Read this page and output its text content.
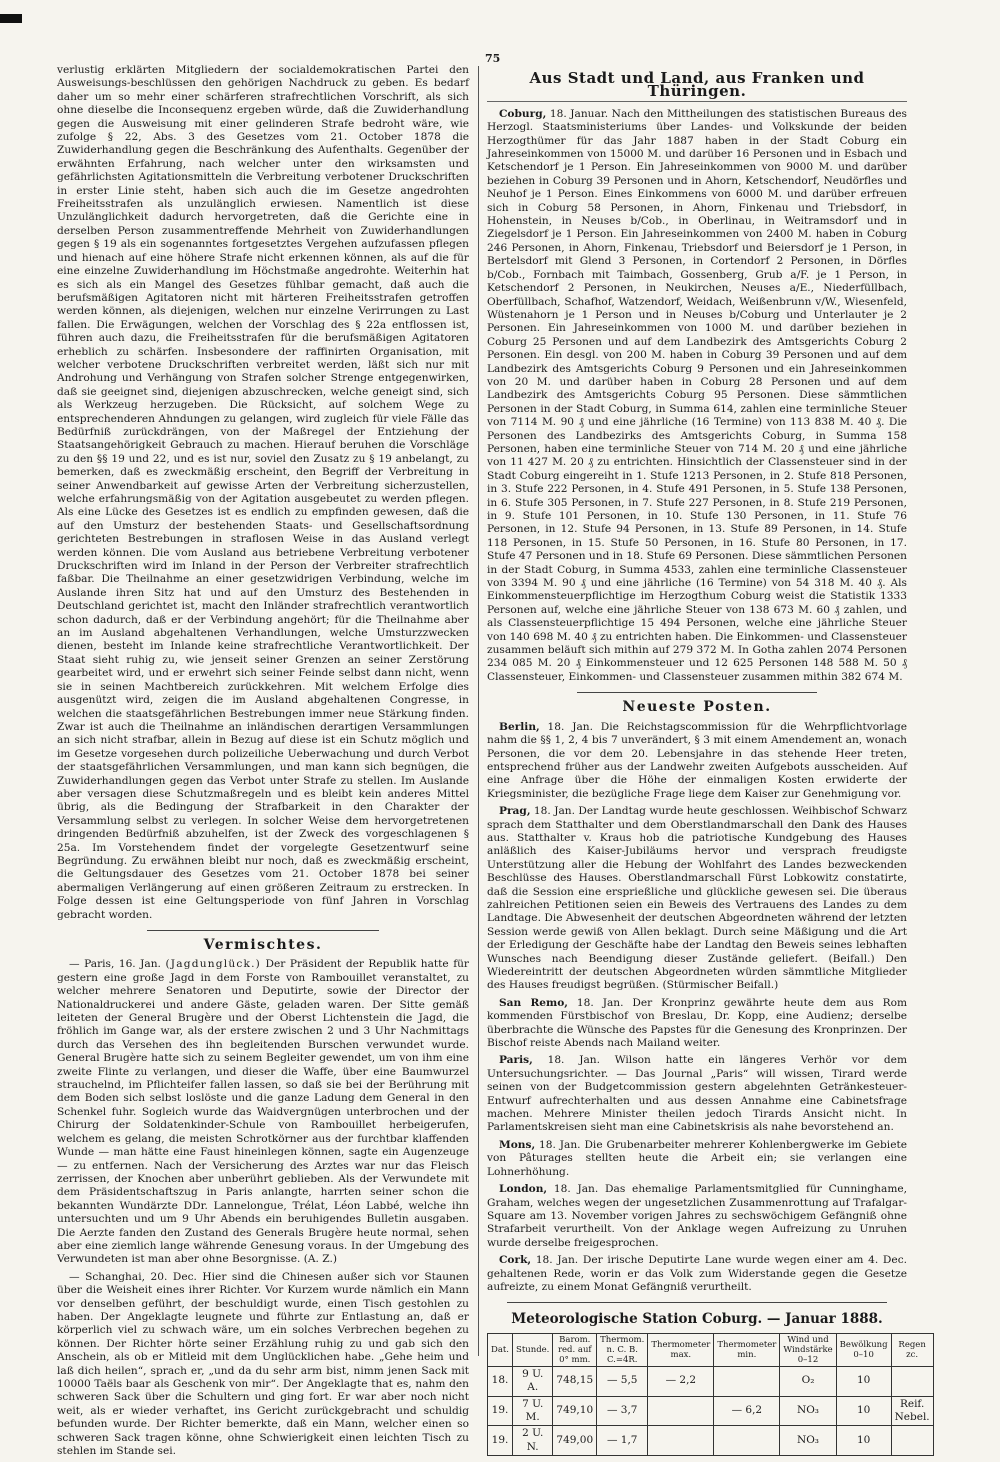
75

verlustig erklärten Mitgliedern der socialdemokratischen Partei den Ausweisungs-beschlüssen den gehörigen Nachdruck zu geben. Es bedarf daher um so mehr einer schärferen strafrechtlichen Vorschrift, als sich ohne dieselbe die Inconsequenz ergeben würde, daß die Zuwiderhandlung gegen die Ausweisung mit einer gelinderen Strafe bedroht wäre, wie zufolge § 22, Abs. 3 des Gesetzes vom 21. October 1878 die Zuwiderhandlung gegen die Beschränkung des Aufenthalts. Gegenüber der erwähnten Erfahrung, nach welcher unter den wirksamsten und gefährlichsten Agitationsmitteln die Verbreitung verbotener Druckschriften in erster Linie steht, haben sich auch die im Gesetze angedrohten Freiheitsstrafen als unzulänglich erwiesen. Namentlich ist diese Unzulänglichkeit dadurch hervorgetreten, daß die Gerichte eine in derselben Person zusammentreffende Mehrheit von Zuwiderhandlungen gegen § 19 als ein sogenanntes fortgesetztes Vergehen aufzufassen pflegen und hienach auf eine höhere Strafe nicht erkennen können, als auf die für eine einzelne Zuwiderhandlung im Höchstmaße angedrohte. Weiterhin hat es sich als ein Mangel des Gesetzes fühlbar gemacht, daß auch die berufsmäßigen Agitatoren nicht mit härteren Freiheitsstrafen getroffen werden können, als diejenigen, welchen nur einzelne Verirrungen zu Last fallen. Die Erwägungen, welchen der Vorschlag des § 22a entflossen ist, führen auch dazu, die Freiheitsstrafen für die berufsmäßigen Agitatoren erheblich zu schärfen. Insbesondere der raffinirten Organisation, mit welcher verbotene Druckschriften verbreitet werden, läßt sich nur mit Androhung und Verhängung von Strafen solcher Strenge entgegenwirken, daß sie geeignet sind, diejenigen abzuschrecken, welche geneigt sind, sich als Werkzeug herzugeben. Die Rücksicht, auf solchem Wege zu entsprechenderen Ahndungen zu gelangen, wird zugleich für viele Fälle das Bedürfniß zurückdrängen, von der Maßregel der Entziehung der Staatsangehörigkeit Gebrauch zu machen. Hierauf beruhen die Vorschläge zu den §§ 19 und 22, und es ist nur, soviel den Zusatz zu § 19 anbelangt, zu bemerken, daß es zweckmäßig erscheint, den Begriff der Verbreitung in seiner Anwendbarkeit auf gewisse Arten der Verbreitung sicherzustellen, welche erfahrungsmäßig von der Agitation ausgebeutet zu werden pflegen. Als eine Lücke des Gesetzes ist es endlich zu empfinden gewesen, daß die auf den Umsturz der bestehenden Staats- und Gesellschaftsordnung gerichteten Bestrebungen in straflosen Weise in das Ausland verlegt werden können. Die vom Ausland aus betriebene Verbreitung verbotener Druckschriften wird im Inland in der Person der Verbreiter strafrechtlich faßbar. Die Theilnahme an einer gesetzwidrigen Verbindung, welche im Auslande ihren Sitz hat und auf den Umsturz des Bestehenden in Deutschland gerichtet ist, macht den Inländer strafrechtlich verantwortlich schon dadurch, daß er der Verbindung angehört; für die Theilnahme aber an im Ausland abgehaltenen Verhandlungen, welche Umsturzzwecken dienen, besteht im Inlande keine strafrechtliche Verantwortlichkeit. Der Staat sieht ruhig zu, wie jenseit seiner Grenzen an seiner Zerstörung gearbeitet wird, und er erwehrt sich seiner Feinde selbst dann nicht, wenn sie in seinen Machtbereich zurückkehren. Mit welchem Erfolge dies ausgenützt wird, zeigen die im Ausland abgehaltenen Congresse, in welchen die staatsgefährlichen Bestrebungen immer neue Stärkung finden. Zwar ist auch die Theilnahme an inländischen derartigen Versammlungen an sich nicht strafbar, allein in Bezug auf diese ist ein Schutz möglich und im Gesetze vorgesehen durch polizeiliche Ueberwachung und durch Verbot der staatsgefährlichen Versammlungen, und man kann sich begnügen, die Zuwiderhandlungen gegen das Verbot unter Strafe zu stellen. Im Auslande aber versagen diese Schutzmaßregeln und es bleibt kein anderes Mittel übrig, als die Bedingung der Strafbarkeit in den Charakter der Versammlung selbst zu verlegen. In solcher Weise dem hervorgetretenen dringenden Bedürfniß abzuhelfen, ist der Zweck des vorgeschlagenen § 25a. Im Vorstehendem findet der vorgelegte Gesetzentwurf seine Begründung. Zu erwähnen bleibt nur noch, daß es zweckmäßig erscheint, die Geltungsdauer des Gesetzes vom 21. October 1878 bei seiner abermaligen Verlängerung auf einen größeren Zeitraum zu erstrecken. In Folge dessen ist eine Geltungsperiode von fünf Jahren in Vorschlag gebracht worden.

Vermischtes.

— Paris, 16. Jan. (Jagdunglück.) Der Präsident der Republik hatte für gestern eine große Jagd in dem Forste von Rambouillet veranstaltet, zu welcher mehrere Senatoren und Deputirte, sowie der Director der Nationaldruckerei und andere Gäste, geladen waren. Der Sitte gemäß leiteten der General Brugère und der Oberst Lichtenstein die Jagd, die fröhlich im Gange war, als der erstere zwischen 2 und 3 Uhr Nachmittags durch das Versehen des ihn begleitenden Burschen verwundet wurde. General Brugère hatte sich zu seinem Begleiter gewendet, um von ihm eine zweite Flinte zu verlangen, und dieser die Waffe, über eine Baumwurzel strauchelnd, im Pflichteifer fallen lassen, so daß sie bei der Berührung mit dem Boden sich selbst loslöste und die ganze Ladung dem General in den Schenkel fuhr. Sogleich wurde das Waidvergnügen unterbrochen und der Chirurg der Soldatenkinder-Schule von Rambouillet herbeigerufen, welchem es gelang, die meisten Schrotkörner aus der furchtbar klaffenden Wunde — man hätte eine Faust hineinlegen können, sagte ein Augenzeuge — zu entfernen. Nach der Versicherung des Arztes war nur das Fleisch zerrissen, der Knochen aber unberührt geblieben. Als der Verwundete mit dem Präsidentschaftszug in Paris anlangte, harrten seiner schon die bekannten Wundärzte DDr. Lannelongue, Trélat, Léon Labbé, welche ihn untersuchten und um 9 Uhr Abends ein beruhigendes Bulletin ausgaben. Die Aerzte fanden den Zustand des Generals Brugère heute normal, sehen aber eine ziemlich lange währende Genesung voraus. In der Umgebung des Verwundeten ist man aber ohne Besorgnisse. (A. Z.)

— Schanghai, 20. Dec. Hier sind die Chinesen außer sich vor Staunen über die Weisheit eines ihrer Richter. Vor Kurzem wurde nämlich ein Mann vor denselben geführt, der beschuldigt wurde, einen Tisch gestohlen zu haben. Der Angeklagte leugnete und führte zur Entlastung an, daß er körperlich viel zu schwach wäre, um ein solches Verbrechen begehen zu können. Der Richter hörte seiner Erzählung ruhig zu und gab sich den Anschein, als ob er Mitleid mit dem Unglücklichen habe. „Gehe heim und laß dich heilen“, sprach er, „und da du sehr arm bist, nimm jenen Sack mit 10000 Taëls baar als Geschenk von mir“. Der Angeklagte that es, nahm den schweren Sack über die Schultern und ging fort. Er war aber noch nicht weit, als er wieder verhaftet, ins Gericht zurückgebracht und schuldig befunden wurde. Der Richter bemerkte, daß ein Mann, welcher einen so schweren Sack tragen könne, ohne Schwierigkeit einen leichten Tisch zu stehlen im Stande sei.

Aus Stadt und Land, aus Franken und Thüringen.

Coburg, 18. Januar. Nach den Mittheilungen des statistischen Bureaus des Herzogl. Staatsministeriums über Landes- und Volkskunde der beiden Herzogthümer für das Jahr 1887 haben in der Stadt Coburg ein Jahreseinkommen von 15000 M. und darüber 16 Personen und in Esbach und Ketschendorf je 1 Person. Ein Jahreseinkommen von 9000 M. und darüber beziehen in Coburg 39 Personen und in Ahorn, Ketschendorf, Neudörfles und Neuhof je 1 Person. Eines Einkommens von 6000 M. und darüber erfreuen sich in Coburg 58 Personen, in Ahorn, Finkenau und Triebsdorf, in Hohenstein, in Neuses b/Cob., in Oberlinau, in Weitramsdorf und in Ziegelsdorf je 1 Person. Ein Jahreseinkommen von 2400 M. haben in Coburg 246 Personen, in Ahorn, Finkenau, Triebsdorf und Beiersdorf je 1 Person, in Bertelsdorf mit Glend 3 Personen, in Cortendorf 2 Personen, in Dörfles b/Cob., Fornbach mit Taimbach, Gossenberg, Grub a/F. je 1 Person, in Ketschendorf 2 Personen, in Neukirchen, Neuses a/E., Niederfüllbach, Oberfüllbach, Schafhof, Watzendorf, Weidach, Weißenbrunn v/W., Wiesenfeld, Wüstenahorn je 1 Person und in Neuses b/Coburg und Unterlauter je 2 Personen. Ein Jahreseinkommen von 1000 M. und darüber beziehen in Coburg 25 Personen und auf dem Landbezirk des Amtsgerichts Coburg 2 Personen. Ein desgl. von 200 M. haben in Coburg 39 Personen und auf dem Landbezirk des Amtsgerichts Coburg 9 Personen und ein Jahreseinkommen von 20 M. und darüber haben in Coburg 28 Personen und auf dem Landbezirk des Amtsgerichts Coburg 95 Personen. Diese sämmtlichen Personen in der Stadt Coburg, in Summa 614, zahlen eine terminliche Steuer von 7114 M. 90 ₰ und eine jährliche (16 Termine) von 113 838 M. 40 ₰. Die Personen des Landbezirks des Amtsgerichts Coburg, in Summa 158 Personen, haben eine terminliche Steuer von 714 M. 20 ₰ und eine jährliche von 11 427 M. 20 ₰ zu entrichten. Hinsichtlich der Classensteuer sind in der Stadt Coburg eingereiht in 1. Stufe 1213 Personen, in 2. Stufe 818 Personen, in 3. Stufe 222 Personen, in 4. Stufe 491 Personen, in 5. Stufe 138 Personen, in 6. Stufe 305 Personen, in 7. Stufe 227 Personen, in 8. Stufe 219 Personen, in 9. Stufe 101 Personen, in 10. Stufe 130 Personen, in 11. Stufe 76 Personen, in 12. Stufe 94 Personen, in 13. Stufe 89 Personen, in 14. Stufe 118 Personen, in 15. Stufe 50 Personen, in 16. Stufe 80 Personen, in 17. Stufe 47 Personen und in 18. Stufe 69 Personen. Diese sämmtlichen Personen in der Stadt Coburg, in Summa 4533, zahlen eine terminliche Classensteuer von 3394 M. 90 ₰ und eine jährliche (16 Termine) von 54 318 M. 40 ₰. Als Einkommensteuerpflichtige im Herzogthum Coburg weist die Statistik 1333 Personen auf, welche eine jährliche Steuer von 138 673 M. 60 ₰ zahlen, und als Classensteuerpflichtige 15 494 Personen, welche eine jährliche Steuer von 140 698 M. 40 ₰ zu entrichten haben. Die Einkommen- und Classensteuer zusammen beläuft sich mithin auf 279 372 M. In Gotha zahlen 2074 Personen 234 085 M. 20 ₰ Einkommensteuer und 12 625 Personen 148 588 M. 50 ₰ Classensteuer, Einkommen- und Classensteuer zusammen mithin 382 674 M.

Neueste Posten.

Berlin, 18. Jan. Die Reichstagscommission für die Wehrpflichtvorlage nahm die §§ 1, 2, 4 bis 7 unverändert, § 3 mit einem Amendement an, wonach Personen, die vor dem 20. Lebensjahre in das stehende Heer treten, entsprechend früher aus der Landwehr zweiten Aufgebots ausscheiden. Auf eine Anfrage über die Höhe der einmaligen Kosten erwiderte der Kriegsminister, die bezügliche Frage liege dem Kaiser zur Genehmigung vor.

Prag, 18. Jan. Der Landtag wurde heute geschlossen. Weihbischof Schwarz sprach dem Statthalter und dem Oberstlandmarschall den Dank des Hauses aus. Statthalter v. Kraus hob die patriotische Kundgebung des Hauses anläßlich des Kaiser-Jubiläums hervor und versprach freudigste Unterstützung aller die Hebung der Wohlfahrt des Landes bezweckenden Beschlüsse des Hauses. Oberstlandmarschall Fürst Lobkowitz constatirte, daß die Session eine ersprießliche und glückliche gewesen sei. Die überaus zahlreichen Petitionen seien ein Beweis des Vertrauens des Landes zu dem Landtage. Die Abwesenheit der deutschen Abgeordneten während der letzten Session werde gewiß von Allen beklagt. Durch seine Mäßigung und die Art der Erledigung der Geschäfte habe der Landtag den Beweis seines lebhaften Wunsches nach Beendigung dieser Zustände geliefert. (Beifall.) Den Wiedereintritt der deutschen Abgeordneten würden sämmtliche Mitglieder des Hauses freudigst begrüßen. (Stürmischer Beifall.)

San Remo, 18. Jan. Der Kronprinz gewährte heute dem aus Rom kommenden Fürstbischof von Breslau, Dr. Kopp, eine Audienz; derselbe überbrachte die Wünsche des Papstes für die Genesung des Kronprinzen. Der Bischof reiste Abends nach Mailand weiter.

Paris, 18. Jan. Wilson hatte ein längeres Verhör vor dem Untersuchungsrichter. — Das Journal „Paris“ will wissen, Tirard werde seinen von der Budgetcommission gestern abgelehnten Getränkesteuer-Entwurf aufrechterhalten und aus dessen Annahme eine Cabinetsfrage machen. Mehrere Minister theilen jedoch Tirards Ansicht nicht. In Parlamentskreisen sieht man eine Cabinetskrisis als nahe bevorstehend an.

Mons, 18. Jan. Die Grubenarbeiter mehrerer Kohlenbergwerke im Gebiete von Pâturages stellten heute die Arbeit ein; sie verlangen eine Lohnerhöhung.

London, 18. Jan. Das ehemalige Parlamentsmitglied für Cunninghame, Graham, welches wegen der ungesetzlichen Zusammenrottung auf Trafalgar-Square am 13. November vorigen Jahres zu sechswöchigem Gefängniß ohne Strafarbeit verurtheilt. Von der Anklage wegen Aufreizung zu Unruhen wurde derselbe freigesprochen.

Cork, 18. Jan. Der irische Deputirte Lane wurde wegen einer am 4. Dec. gehaltenen Rede, worin er das Volk zum Widerstande gegen die Gesetze aufreizte, zu einem Monat Gefängniß verurtheilt.

Meteorologische Station Coburg. — Januar 1888.
Dat.	Stunde.	Barom. red. auf 0° mm.	Thermom. n. C. B. C.=4R.	Thermometer max.	Thermometer min.	Wind und Windstärke 0–12	Bewölkung 0–10	Regen zc.
18.	9 U. A.	748,15	— 5,5	— 2,2		O₂	10	
19.	7 U. M.	749,10	— 3,7		— 6,2	NO₃	10	Reif. Nebel.
19.	2 U. N.	749,00	— 1,7			NO₃	10	
